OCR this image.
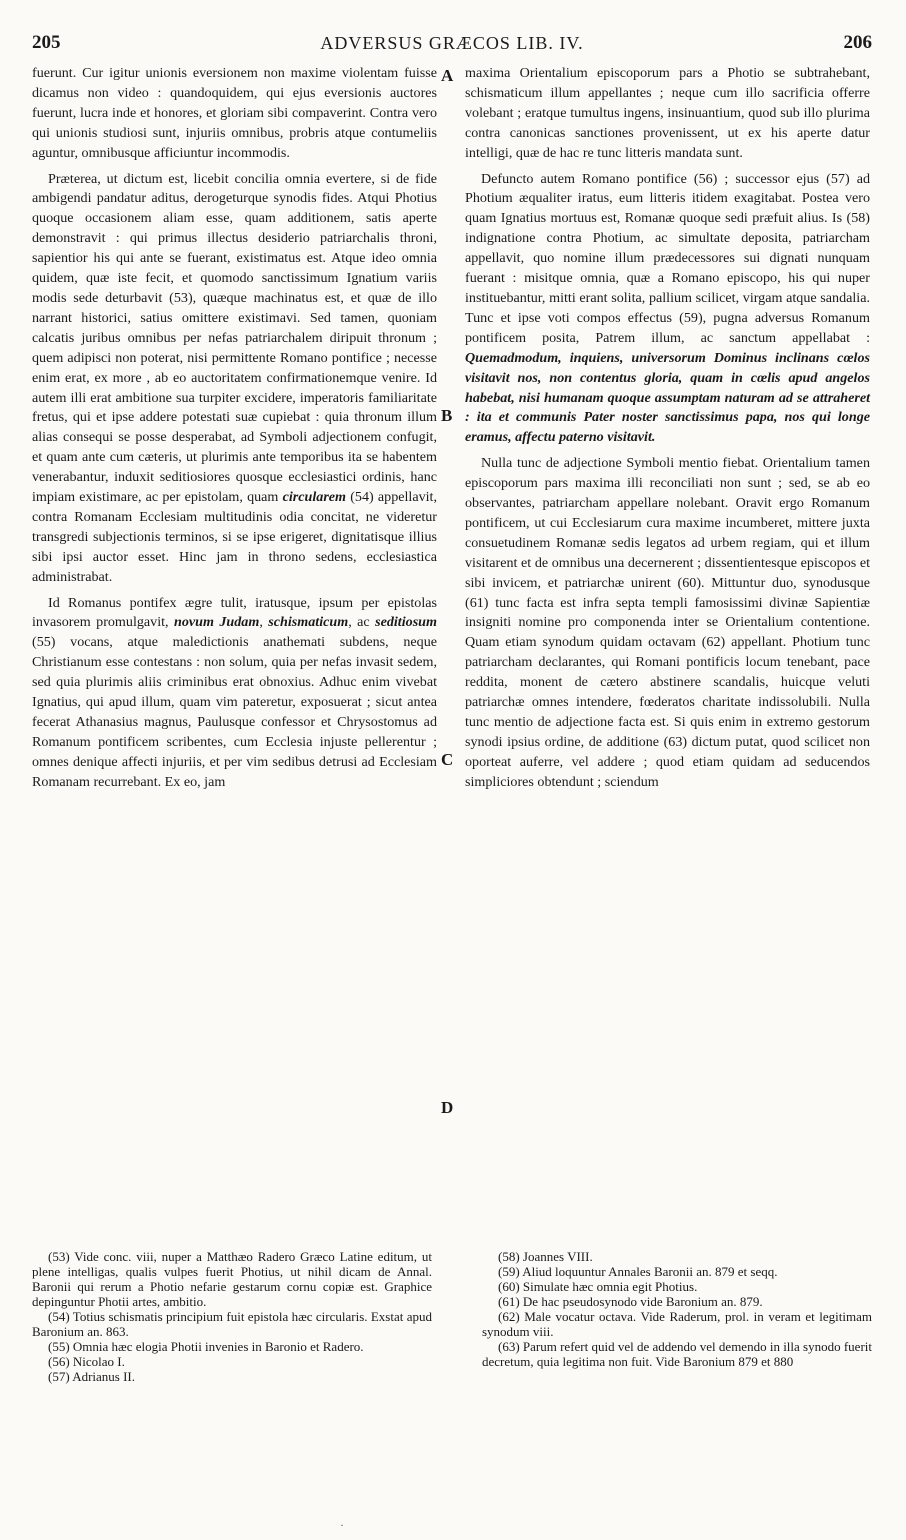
205	ADVERSUS GRÆCOS LIB. IV.	206

fuerunt. Cur igitur unionis eversionem non maxime violentam fuisse dicamus non video : quandoquidem, qui ejus eversionis auctores fuerunt, lucra inde et honores, et gloriam sibi compaverint. Contra vero qui unionis studiosi sunt, injuriis omnibus, probris atque contumeliis aguntur, omnibusque afficiuntur incommodis.

Præterea, ut dictum est, licebit concilia omnia evertere, si de fide ambigendi pandatur aditus, derogeturque synodis fides. Atqui Photius quoque occasionem aliam esse, quam additionem, satis aperte demonstravit : qui primus illectus desiderio patriarchalis throni, sapientior his qui ante se fuerant, existimatus est. Atque ideo omnia quidem, quæ iste fecit, et quomodo sanctissimum Ignatium variis modis sede deturbavit (53), quæque machinatus est, et quæ de illo narrant historici, satius omittere existimavi. Sed tamen, quoniam calcatis juribus omnibus per nefas patriarchalem diripuit thronum ; quem adipisci non poterat, nisi permittente Romano pontifice ; necesse enim erat, ex more , ab eo auctoritatem confirmationemque venire. Id autem illi erat ambitione sua turpiter excidere, imperatoris familiaritate fretus, qui et ipse addere potestati suæ cupiebat : quia thronum illum alias consequi se posse desperabat, ad Symboli adjectionem confugit, et quam ante cum cæteris, ut plurimis ante temporibus ita se habentem venerabantur, induxit seditiosiores quosque ecclesiastici ordinis, hanc impiam existimare, ac per epistolam, quam circularem (54) appellavit, contra Romanam Ecclesiam multitudinis odia concitat, ne videretur transgredi subjectionis terminos, si se ipse erigeret, dignitatisque illius sibi ipsi auctor esset. Hinc jam in throno sedens, ecclesiastica administrabat.

Id Romanus pontifex ægre tulit, iratusque, ipsum per epistolas invasorem promulgavit, novum Judam, schismaticum, ac seditiosum (55) vocans, atque maledictionis anathemati subdens, neque Christianum esse contestans : non solum, quia per nefas invasit sedem, sed quia plurimis aliis criminibus erat obnoxius. Adhuc enim vivebat Ignatius, qui apud illum, quam vim pateretur, exposuerat ; sicut antea fecerat Athanasius magnus, Paulusque confessor et Chrysostomus ad Romanum pontificem scribentes, cum Ecclesia injuste pellerentur ; omnes denique affecti injuriis, et per vim sedibus detrusi ad Ecclesiam Romanam recurrebant. Ex eo, jam

A
B
C
D

maxima Orientalium episcoporum pars a Photio se subtrahebant, schismaticum illum appellantes ; neque cum illo sacrificia offerre volebant ; eratque tumultus ingens, insinuantium, quod sub illo plurima contra canonicas sanctiones provenissent, ut ex his aperte datur intelligi, quæ de hac re tunc litteris mandata sunt.

Defuncto autem Romano pontifice (56) ; successor ejus (57) ad Photium æqualiter iratus, eum litteris itidem exagitabat. Postea vero quam Ignatius mortuus est, Romanæ quoque sedi præfuit alius. Is (58) indignatione contra Photium, ac simultate deposita, patriarcham appellavit, quo nomine illum prædecessores sui dignati nunquam fuerant : misitque omnia, quæ a Romano episcopo, his qui nuper instituebantur, mitti erant solita, pallium scilicet, virgam atque sandalia. Tunc et ipse voti compos effectus (59), pugna adversus Romanum pontificem posita, Patrem illum, ac sanctum appellabat : Quemadmodum, inquiens, universorum Dominus inclinans cœlos visitavit nos, non contentus gloria, quam in cœlis apud angelos habebat, nisi humanam quoque assumptam naturam ad se attraheret : ita et communis Pater noster sanctissimus papa, nos qui longe eramus, affectu paterno visitavit.

Nulla tunc de adjectione Symboli mentio fiebat. Orientalium tamen episcoporum pars maxima illi reconciliati non sunt ; sed, se ab eo observantes, patriarcham appellare nolebant. Oravit ergo Romanum pontificem, ut cui Ecclesiarum cura maxime incumberet, mittere juxta consuetudinem Romanæ sedis legatos ad urbem regiam, qui et illum visitarent et de omnibus una decernerent ; dissentientesque episcopos et sibi invicem, et patriarchæ unirent (60). Mittuntur duo, synodusque (61) tunc facta est infra septa templi famosissimi divinæ Sapientiæ insigniti nomine pro componenda inter se Orientalium contentione. Quam etiam synodum quidam octavam (62) appellant. Photium tunc patriarcham declarantes, qui Romani pontificis locum tenebant, pace reddita, monent de cætero abstinere scandalis, huicque veluti patriarchæ omnes intendere, fœderatos charitate indissolubili. Nulla tunc mentio de adjectione facta est. Si quis enim in extremo gestorum synodi ipsius ordine, de additione (63) dictum putat, quod scilicet non oporteat auferre, vel addere ; quod etiam quidam ad seducendos simpliciores obtendunt ; sciendum

(53) Vide conc. viii, nuper a Matthæo Radero Græco Latine editum, ut plene intelligas, qualis vulpes fuerit Photius, ut nihil dicam de Annal. Baronii qui rerum a Photio nefarie gestarum cornu copiæ est. Graphice depinguntur Photii artes, ambitio.

(54) Totius schismatis principium fuit epistola hæc circularis. Exstat apud Baronium an. 863.

(55) Omnia hæc elogia Photii invenies in Baronio et Radero.

(56) Nicolao I.

(57) Adrianus II.

(58) Joannes VIII.

(59) Aliud loquuntur Annales Baronii an. 879 et seqq.

(60) Simulate hæc omnia egit Photius.

(61) De hac pseudosynodo vide Baronium an. 879.

(62) Male vocatur octava. Vide Raderum, prol. in veram et legitimam synodum viii.

(63) Parum refert quid vel de addendo vel demendo in illa synodo fuerit decretum, quia legitima non fuit. Vide Baronium 879 et 880

·
